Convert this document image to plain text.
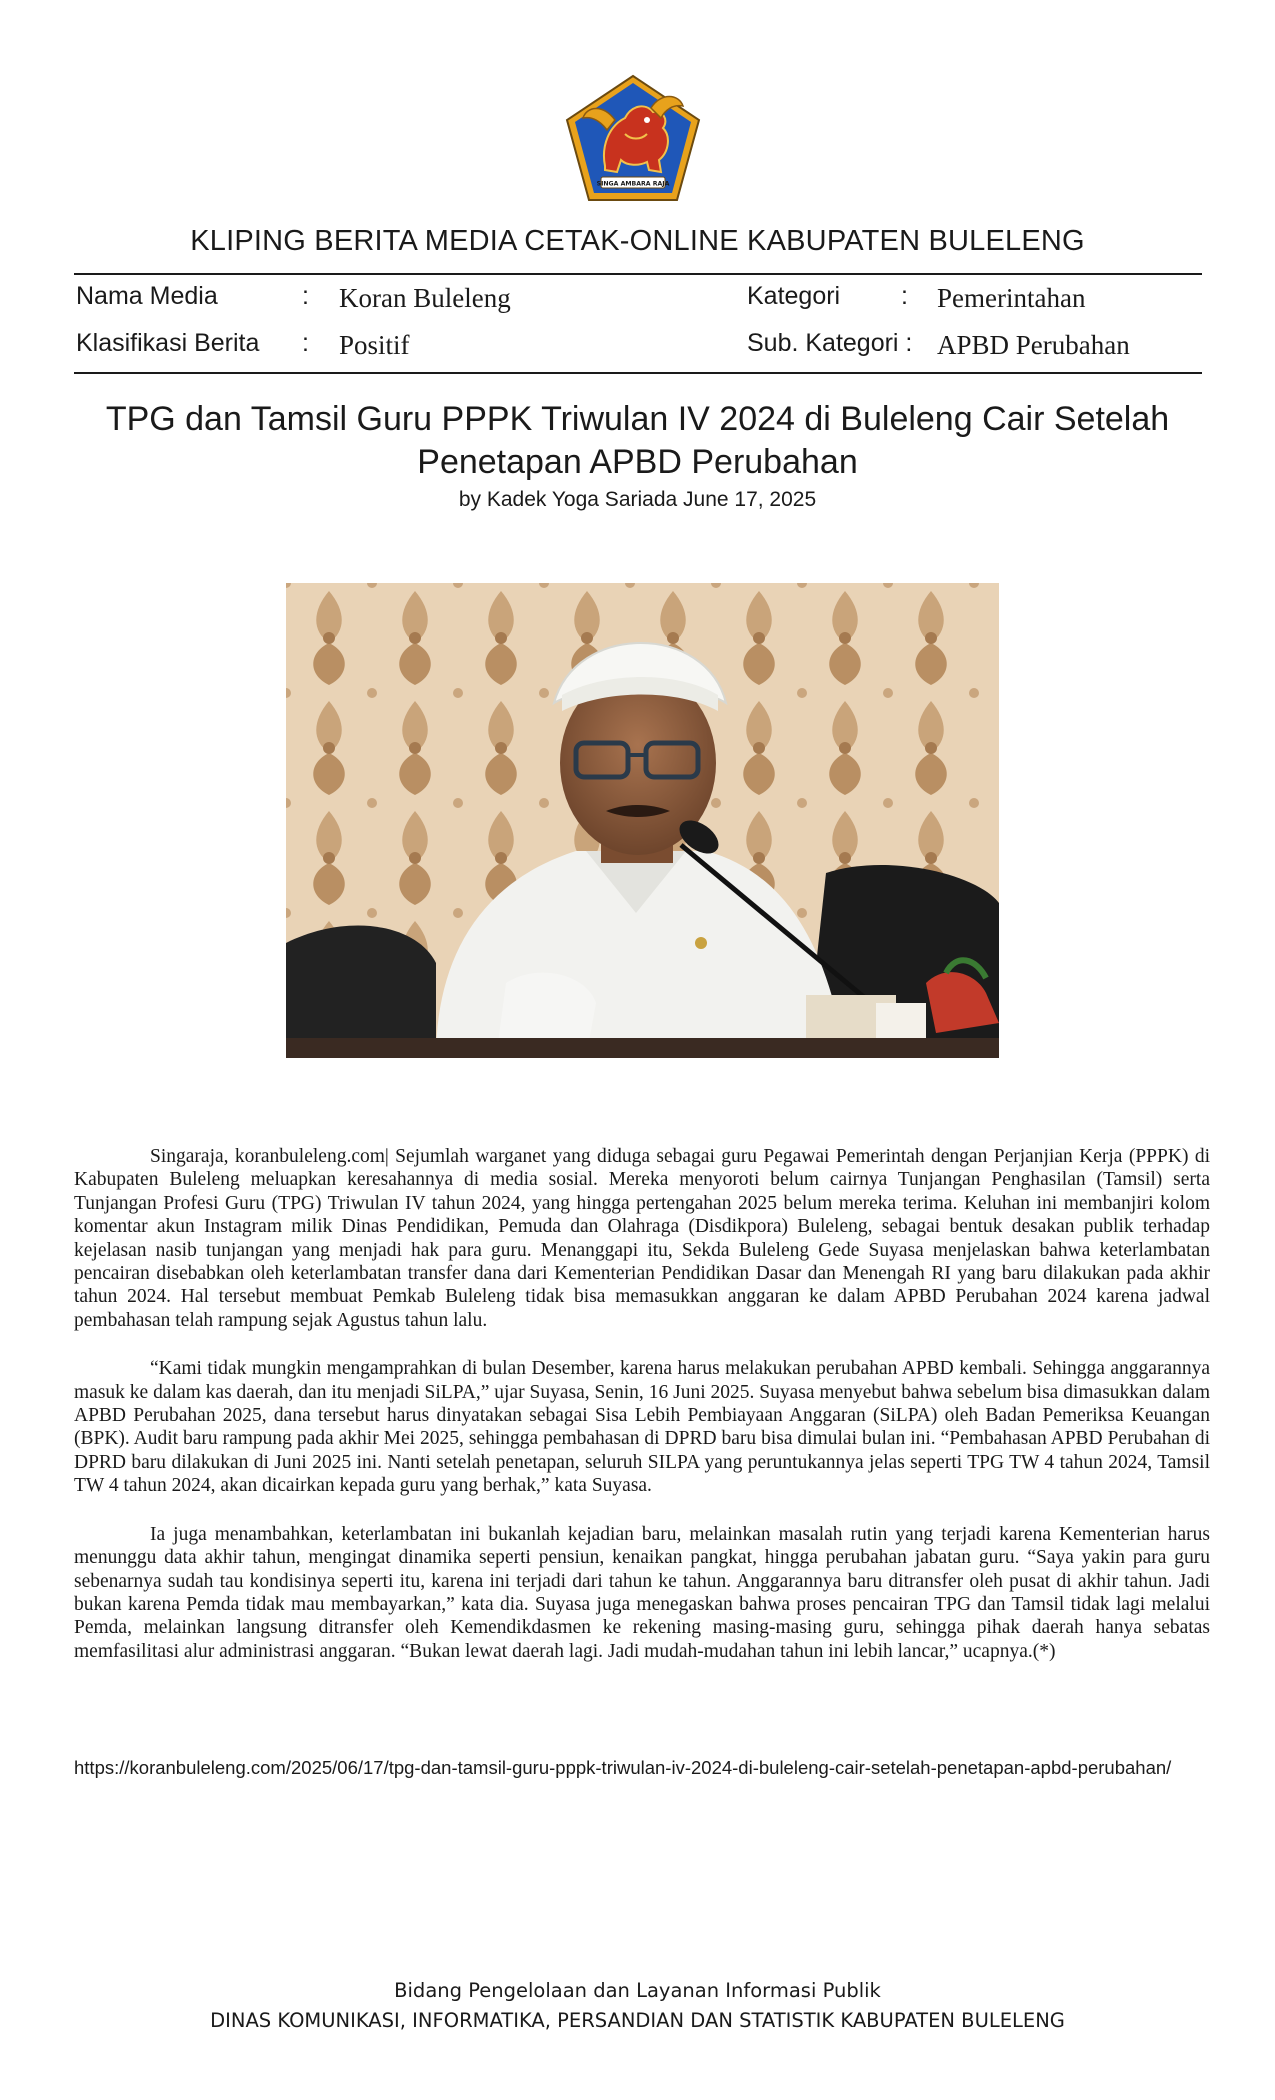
SINGA AMBARA RAJA
KLIPING BERITA MEDIA CETAK-ONLINE KABUPATEN BULELENG
Nama Media	: Koran Buleleng
Klasifikasi Berita : Positif
Kategori : Pemerintahan
Sub. Kategori : APBD Perubahan
TPG dan Tamsil Guru PPPK Triwulan IV 2024 di Buleleng Cair Setelah Penetapan APBD Perubahan
by Kadek Yoga Sariada June 17, 2025

Singaraja, koranbuleleng.com| Sejumlah warganet yang diduga sebagai guru Pegawai Pemerintah dengan Perjanjian Kerja (PPPK) di Kabupaten Buleleng meluapkan keresahannya di media sosial. Mereka menyoroti belum cairnya Tunjangan Penghasilan (Tamsil) serta Tunjangan Profesi Guru (TPG) Triwulan IV tahun 2024, yang hingga pertengahan 2025 belum mereka terima. Keluhan ini membanjiri kolom komentar akun Instagram milik Dinas Pendidikan, Pemuda dan Olahraga (Disdikpora) Buleleng, sebagai bentuk desakan publik terhadap kejelasan nasib tunjangan yang menjadi hak para guru. Menanggapi itu, Sekda Buleleng Gede Suyasa menjelaskan bahwa keterlambatan pencairan disebabkan oleh keterlambatan transfer dana dari Kementerian Pendidikan Dasar dan Menengah RI yang baru dilakukan pada akhir tahun 2024. Hal tersebut membuat Pemkab Buleleng tidak bisa memasukkan anggaran ke dalam APBD Perubahan 2024 karena jadwal pembahasan telah rampung sejak Agustus tahun lalu.

“Kami tidak mungkin mengamprahkan di bulan Desember, karena harus melakukan perubahan APBD kembali. Sehingga anggarannya masuk ke dalam kas daerah, dan itu menjadi SiLPA,” ujar Suyasa, Senin, 16 Juni 2025. Suyasa menyebut bahwa sebelum bisa dimasukkan dalam APBD Perubahan 2025, dana tersebut harus dinyatakan sebagai Sisa Lebih Pembiayaan Anggaran (SiLPA) oleh Badan Pemeriksa Keuangan (BPK). Audit baru rampung pada akhir Mei 2025, sehingga pembahasan di DPRD baru bisa dimulai bulan ini. “Pembahasan APBD Perubahan di DPRD baru dilakukan di Juni 2025 ini. Nanti setelah penetapan, seluruh SILPA yang peruntukannya jelas seperti TPG TW 4 tahun 2024, Tamsil TW 4 tahun 2024, akan dicairkan kepada guru yang berhak,” kata Suyasa.

Ia juga menambahkan, keterlambatan ini bukanlah kejadian baru, melainkan masalah rutin yang terjadi karena Kementerian harus menunggu data akhir tahun, mengingat dinamika seperti pensiun, kenaikan pangkat, hingga perubahan jabatan guru. “Saya yakin para guru sebenarnya sudah tau kondisinya seperti itu, karena ini terjadi dari tahun ke tahun. Anggarannya baru ditransfer oleh pusat di akhir tahun. Jadi bukan karena Pemda tidak mau membayarkan,” kata dia. Suyasa juga menegaskan bahwa proses pencairan TPG dan Tamsil tidak lagi melalui Pemda, melainkan langsung ditransfer oleh Kemendikdasmen ke rekening masing-masing guru, sehingga pihak daerah hanya sebatas memfasilitasi alur administrasi anggaran. “Bukan lewat daerah lagi. Jadi mudah-mudahan tahun ini lebih lancar,” ucapnya.(*)

https://koranbuleleng.com/2025/06/17/tpg-dan-tamsil-guru-pppk-triwulan-iv-2024-di-buleleng-cair-setelah-penetapan-apbd-perubahan/
Bidang Pengelolaan dan Layanan Informasi Publik
DINAS KOMUNIKASI, INFORMATIKA, PERSANDIAN DAN STATISTIK KABUPATEN BULELENG
